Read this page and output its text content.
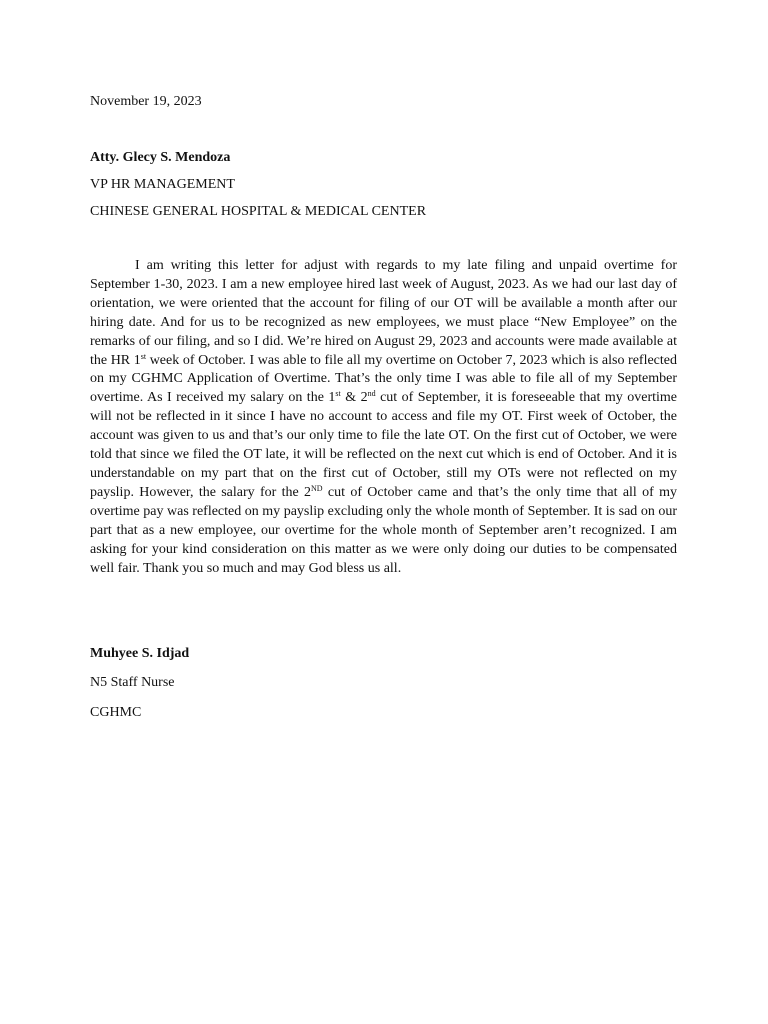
November 19, 2023
Atty. Glecy S. Mendoza
VP HR MANAGEMENT
CHINESE GENERAL HOSPITAL & MEDICAL CENTER
I am writing this letter for adjust with regards to my late filing and unpaid overtime for September 1-30, 2023. I am a new employee hired last week of August, 2023. As we had our last day of orientation, we were oriented that the account for filing of our OT will be available a month after our hiring date. And for us to be recognized as new employees, we must place “New Employee” on the remarks of our filing, and so I did. We’re hired on August 29, 2023 and accounts were made available at the HR 1st week of October. I was able to file all my overtime on October 7, 2023 which is also reflected on my CGHMC Application of Overtime. That’s the only time I was able to file all of my September overtime. As I received my salary on the 1st & 2nd cut of September, it is foreseeable that my overtime will not be reflected in it since I have no account to access and file my OT. First week of October, the account was given to us and that’s our only time to file the late OT. On the first cut of October, we were told that since we filed the OT late, it will be reflected on the next cut which is end of October. And it is understandable on my part that on the first cut of October, still my OTs were not reflected on my payslip. However, the salary for the 2ND cut of October came and that’s the only time that all of my overtime pay was reflected on my payslip excluding only the whole month of September. It is sad on our part that as a new employee, our overtime for the whole month of September aren’t recognized. I am asking for your kind consideration on this matter as we were only doing our duties to be compensated well fair. Thank you so much and may God bless us all.
Muhyee S. Idjad
N5 Staff Nurse
CGHMC
